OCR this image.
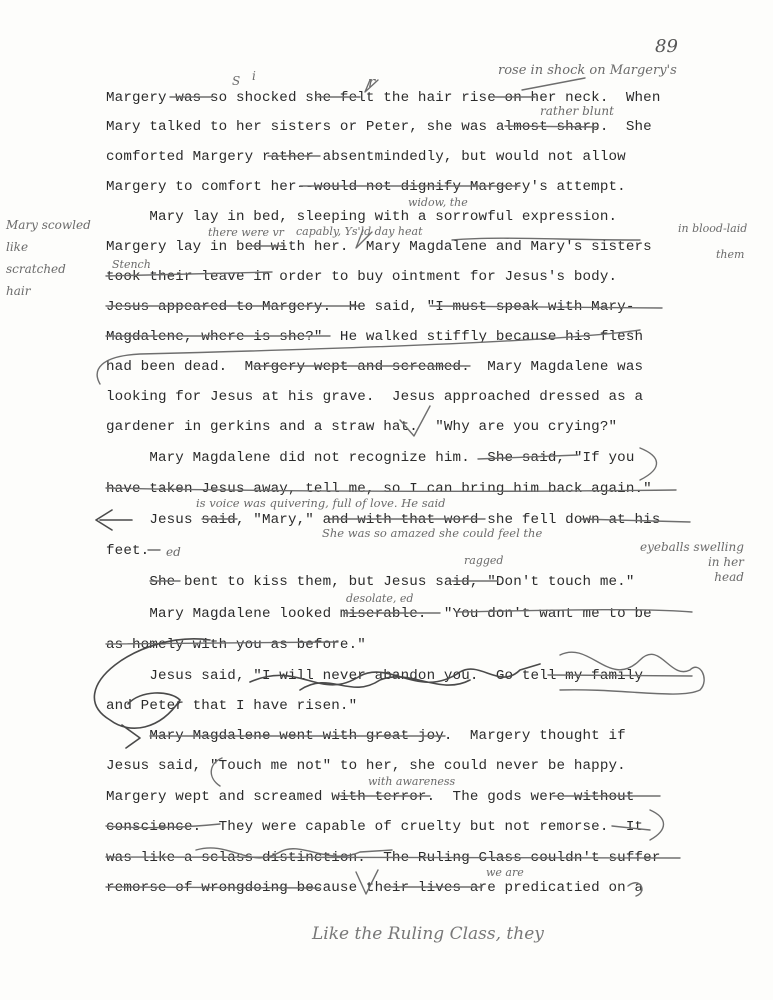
89
Margery was so shocked she felt the hair rise on her neck.  When
Mary talked to her sisters or Peter, she was almost sharp.  She
comforted Margery rather absentmindedly, but would not allow
Margery to comfort her--would not dignify Margery's attempt.
Mary lay in bed, sleeping with a sorrowful expression.
Margery lay in bed with her.  Mary Magdalene and Mary's sisters
took their leave in order to buy ointment for Jesus's body.
Jesus appeared to Margery.  He said, "I must speak with Mary-
Magdalene, where is she?"  He walked stiffly because his flesh
had been dead.  Margery wept and screamed.  Mary Magdalene was
looking for Jesus at his grave.  Jesus approached dressed as a
gardener in gerkins and a straw hat.  "Why are you crying?"
Mary Magdalene did not recognize him.  She said, "If you
have taken Jesus away, tell me, so I can bring him back again."
Jesus said, "Mary," and with that word she fell down at his
feet.
She bent to kiss them, but Jesus said, "Don't touch me."
Mary Magdalene looked miserable.  "You don't want me to be
as homely with you as before."
Jesus said, "I will never abandon you.  Go tell my family
and Peter that I have risen."
Mary Magdalene went with great joy.  Margery thought if
Jesus said, "Touch me not" to her, she could never be happy.
Margery wept and screamed with terror.  The gods were without
conscience.  They were capable of cruelty but not remorse.  It
was like a sclass distinction.  The Ruling Class couldn't suffer
remorse of wrongdoing because their lives are predicatied on a
rose in shock on Margery's
S i	r
rather blunt
widow, the
there were vr capably, Ys'ld day heat	in blood-laid
them
Mary scowled
like
scratched
hair
Stench
is voice was quivering, full of love. He said
ed
She was so amazed she could feel the
ragged
eyeballs swelling
in her
head
desolate, ed
with awareness
we are
Like the Ruling Class, they
